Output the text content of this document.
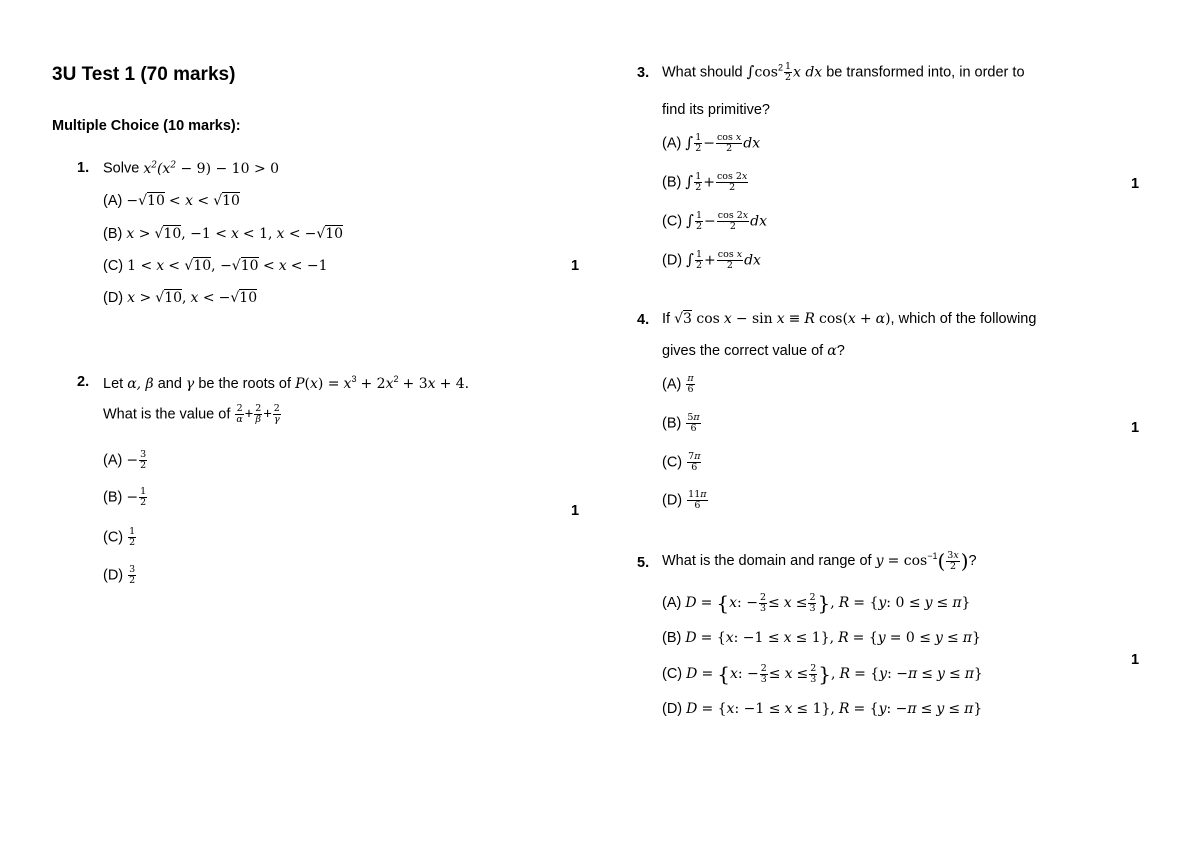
3U Test 1 (70 marks)
Multiple Choice (10 marks):
1. Solve $x^2(x^2 - 9) - 10 > 0$
(A) −√10 < x < √10
(B) x > √10, −1 < x < 1, x < −√10
(C) 1 < x < √10, −√10 < x < −1
(D) x > √10, x < −√10
1
2. Let α, β and γ be the roots of $P(x) = x^3 + 2x^2 + 3x + 4$.
What is the value of $\frac{2}{\alpha} + \frac{2}{\beta} + \frac{2}{\gamma}$
$(A) - \frac{3}{2}$
$(B) - \frac{1}{2}$
$(C) \frac{1}{2}$
$(D) \frac{3}{2}$
1
3. What should $\int\cos^2 \frac{1}{2}$ x dx be transformed into, in order to
find its primitive?
(A) ∫ $\frac{1}{2} - \frac{\text{cos x}}{2}$ dx
(B) ∫ $\frac{1}{2} + \frac{\cos 2x}{2}$
(C) ∫ $\frac{1}{2} - \frac{\cos 2x}{2}$ dx
(D) ∫ $\frac{1}{2} + \frac{\text{cos x}}{2}$ dx
1
4. If √3 cos x − sin x ≡ R cos(x + α), which of the following
gives the correct value of α?
$(A) \frac{\pi}{6}$
$(B) \frac{5\pi}{6}$
$(C) \frac{7\pi}{6}$
$(D) \frac{11\pi}{6}$
1
5. What is the domain and range of $y = \cos^{-1}( \frac{3x}{2}$ )?
(A) D = {x: − $\frac{2}{3} \le x \le \frac{2}{3}$ }, R = {y: 0 ≤ y ≤ π}
(B) D = {x: −1 ≤ x ≤ 1}, R = {y = 0 ≤ y ≤ π}
(C) D = {x: − $\frac{2}{3} \le x \le \frac{2}{3}$ }, R = {y: −π ≤ y ≤ π}
(D) D = {x: −1 ≤ x ≤ 1}, R = {y: −π ≤ y ≤ π}
1
